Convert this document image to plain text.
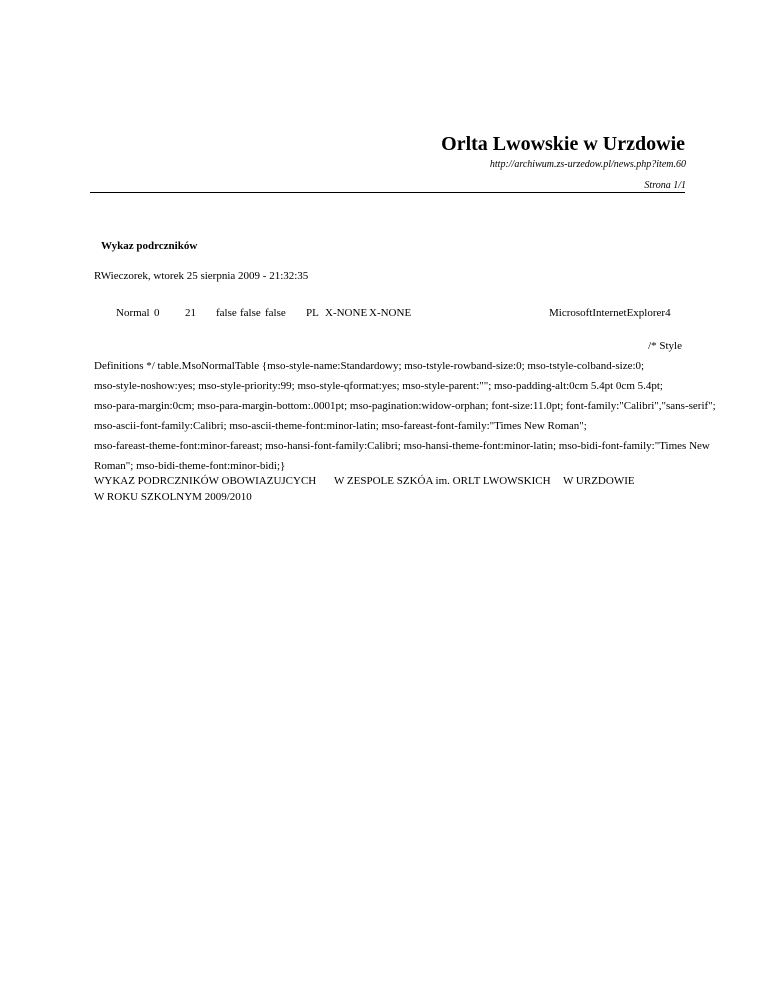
Orlta Lwowskie w Urzdowie
http://archiwum.zs-urzedow.pl/news.php?item.60
Strona 1/1
Wykaz podrczników
RWieczorek, wtorek 25 sierpnia 2009 - 21:32:35
Normal 0 21 false false false PL X-NONE X-NONE	MicrosoftInternetExplorer4
/* Style
Definitions */ table.MsoNormalTable {mso-style-name:Standardowy; mso-tstyle-rowband-size:0; mso-tstyle-colband-size:0;
mso-style-noshow:yes; mso-style-priority:99; mso-style-qformat:yes; mso-style-parent:""; mso-padding-alt:0cm 5.4pt 0cm 5.4pt;
mso-para-margin:0cm; mso-para-margin-bottom:.0001pt; mso-pagination:widow-orphan; font-size:11.0pt; font-family:"Calibri","sans-serif";
mso-ascii-font-family:Calibri; mso-ascii-theme-font:minor-latin; mso-fareast-font-family:"Times New Roman";
mso-fareast-theme-font:minor-fareast; mso-hansi-font-family:Calibri; mso-hansi-theme-font:minor-latin; mso-bidi-font-family:"Times New
Roman"; mso-bidi-theme-font:minor-bidi;}
WYKAZ PODRCZNIKÓW OBOWIAZUJCYCH W ZESPOLE SZKÓA im. ORLT LWOWSKICH W URZDOWIE
W ROKU SZKOLNYM 2009/2010
